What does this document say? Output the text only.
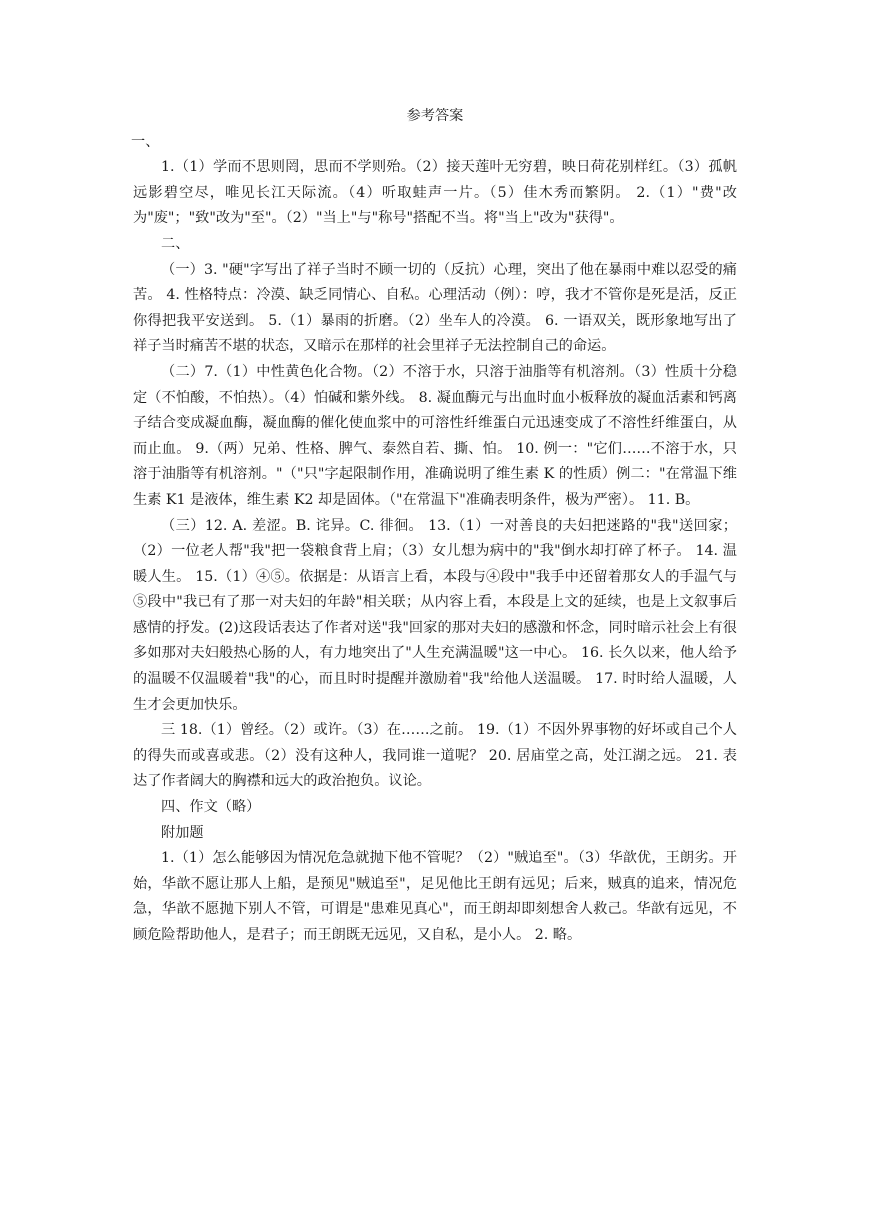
参考答案

一、

1.（1）学而不思则罔，思而不学则殆。（2）接天莲叶无穷碧，映日荷花别样红。（3）孤帆远影碧空尽，唯见长江天际流。（4）听取蛙声一片。（5）佳木秀而繁阴。 2.（1）"费"改为"废"；"致"改为"至"。（2）"当上"与"称号"搭配不当。将"当上"改为"获得"。

二、

（一）3. "硬"字写出了祥子当时不顾一切的（反抗）心理，突出了他在暴雨中难以忍受的痛苦。 4. 性格特点：冷漠、缺乏同情心、自私。心理活动（例）：哼，我才不管你是死是活，反正你得把我平安送到。 5.（1）暴雨的折磨。（2）坐车人的冷漠。 6. 一语双关，既形象地写出了祥子当时痛苦不堪的状态，又暗示在那样的社会里祥子无法控制自己的命运。

（二）7.（1）中性黄色化合物。（2）不溶于水，只溶于油脂等有机溶剂。（3）性质十分稳定（不怕酸，不怕热）。（4）怕碱和紫外线。 8. 凝血酶元与出血时血小板释放的凝血活素和钙离子结合变成凝血酶，凝血酶的催化使血浆中的可溶性纤维蛋白元迅速变成了不溶性纤维蛋白，从而止血。 9.（两）兄弟、性格、脾气、泰然自若、撕、怕。 10. 例一："它们……不溶于水，只溶于油脂等有机溶剂。"（"只"字起限制作用，准确说明了维生素 K 的性质）例二："在常温下维生素 K1 是液体，维生素 K2 却是固体。（"在常温下"准确表明条件，极为严密）。 11. B。

（三）12. A. 差涩。B. 诧异。C. 徘徊。 13.（1）一对善良的夫妇把迷路的"我"送回家；（2）一位老人帮"我"把一袋粮食背上肩；（3）女儿想为病中的"我"倒水却打碎了杯子。 14. 温暖人生。 15.（1）④⑤。依据是：从语言上看，本段与④段中"我手中还留着那女人的手温气与⑤段中"我已有了那一对夫妇的年龄"相关联；从内容上看，本段是上文的延续，也是上文叙事后感情的抒发。(2)这段话表达了作者对送"我"回家的那对夫妇的感激和怀念，同时暗示社会上有很多如那对夫妇般热心肠的人，有力地突出了"人生充满温暖"这一中心。 16. 长久以来，他人给予的温暖不仅温暖着"我"的心，而且时时提醒并激励着"我"给他人送温暖。 17. 时时给人温暖，人生才会更加快乐。

三 18.（1）曾经。（2）或许。（3）在……之前。 19.（1）不因外界事物的好坏或自己个人的得失而或喜或悲。（2）没有这种人，我同谁一道呢？ 20. 居庙堂之高，处江湖之远。 21. 表达了作者阔大的胸襟和远大的政治抱负。议论。

四、作文（略）

附加题

1.（1）怎么能够因为情况危急就抛下他不管呢？（2）"贼追至"。（3）华歆优，王朗劣。开始，华歆不愿让那人上船，是预见"贼追至"，足见他比王朗有远见；后来，贼真的追来，情况危急，华歆不愿抛下别人不管，可谓是"患难见真心"，而王朗却即刻想舍人救己。华歆有远见，不顾危险帮助他人，是君子；而王朗既无远见，又自私，是小人。 2. 略。
